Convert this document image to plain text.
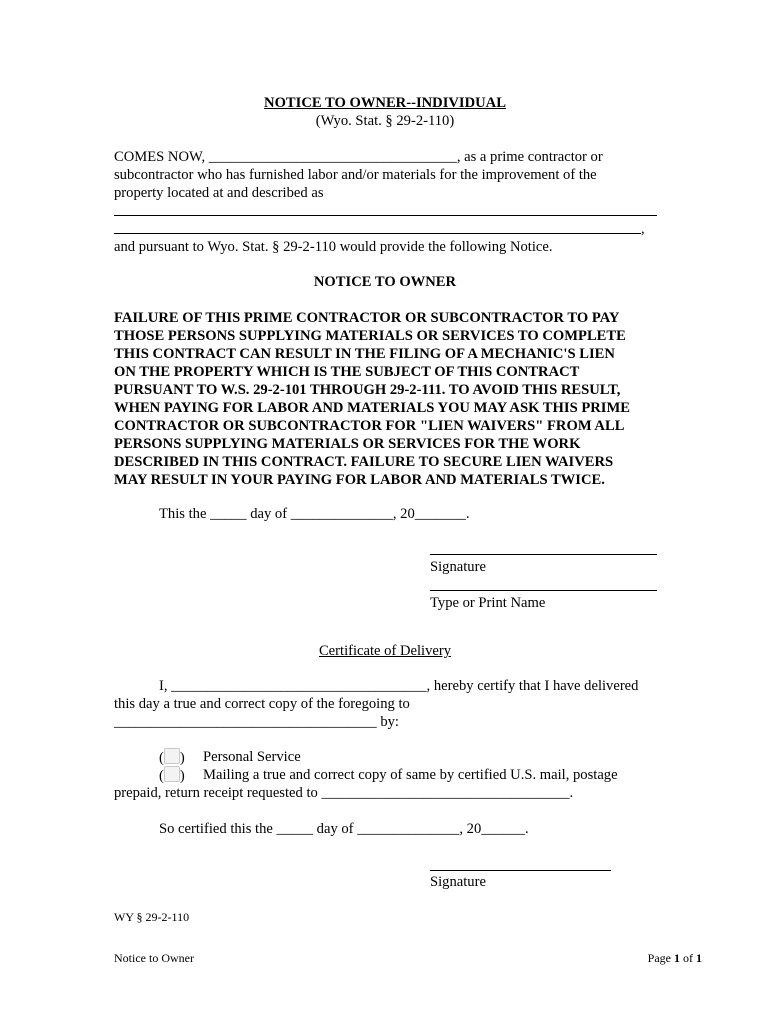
NOTICE TO OWNER--INDIVIDUAL
(Wyo. Stat. § 29-2-110)
COMES NOW, __________________________________, as a prime contractor or
subcontractor who has furnished labor and/or materials for the improvement of the
property located at and described as
,
and pursuant to Wyo. Stat. § 29-2-110 would provide the following Notice.
NOTICE TO OWNER
FAILURE OF THIS PRIME CONTRACTOR OR SUBCONTRACTOR TO PAY
THOSE PERSONS SUPPLYING MATERIALS OR SERVICES TO COMPLETE
THIS CONTRACT CAN RESULT IN THE FILING OF A MECHANIC'S LIEN
ON THE PROPERTY WHICH IS THE SUBJECT OF THIS CONTRACT
PURSUANT TO W.S. 29-2-101 THROUGH 29-2-111. TO AVOID THIS RESULT,
WHEN PAYING FOR LABOR AND MATERIALS YOU MAY ASK THIS PRIME
CONTRACTOR OR SUBCONTRACTOR FOR "LIEN WAIVERS" FROM ALL
PERSONS SUPPLYING MATERIALS OR SERVICES FOR THE WORK
DESCRIBED IN THIS CONTRACT. FAILURE TO SECURE LIEN WAIVERS
MAY RESULT IN YOUR PAYING FOR LABOR AND MATERIALS TWICE.
This the _____ day of ______________, 20_______.
Signature
Type or Print Name
Certificate of Delivery
I, ___________________________________, hereby certify that I have delivered
this day a true and correct copy of the foregoing to
____________________________________ by:
( ) Personal Service
( ) Mailing a true and correct copy of same by certified U.S. mail, postage
prepaid, return receipt requested to __________________________________.
So certified this the _____ day of ______________, 20______.
Signature
WY § 29-2-110
Notice to Owner	Page 1 of 1
